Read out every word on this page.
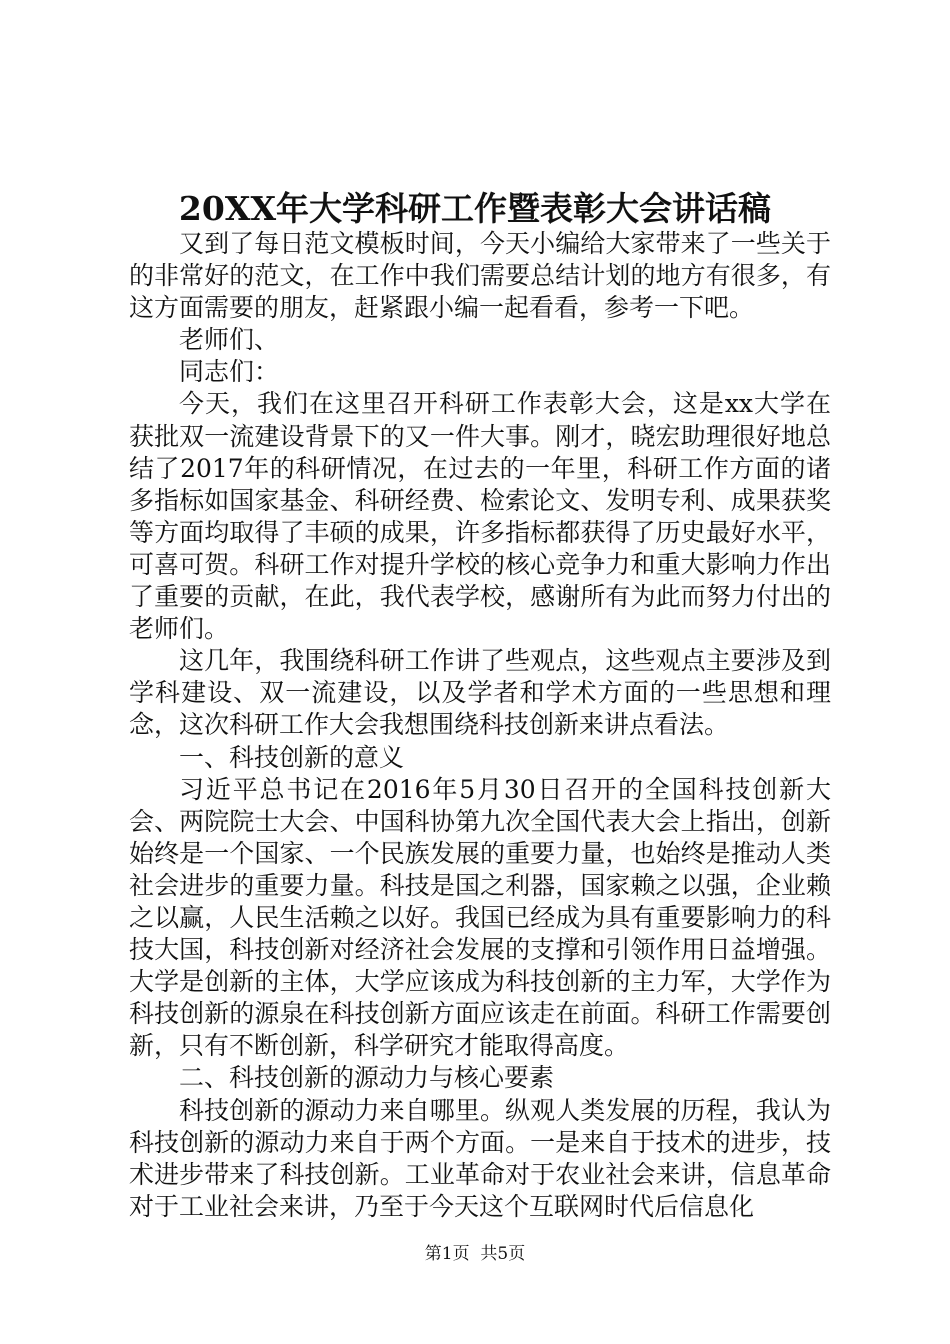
20XX年大学科研工作暨表彰大会讲话稿

又到了每日范文模板时间，今天小编给大家带来了一些关于的非常好的范文，在工作中我们需要总结计划的地方有很多，有这方面需要的朋友，赶紧跟小编一起看看，参考一下吧。

老师们、

同志们：

今天，我们在这里召开科研工作表彰大会，这是xx大学在获批双一流建设背景下的又一件大事。刚才，晓宏助理很好地总结了2017年的科研情况，在过去的一年里，科研工作方面的诸多指标如国家基金、科研经费、检索论文、发明专利、成果获奖等方面均取得了丰硕的成果，许多指标都获得了历史最好水平，可喜可贺。科研工作对提升学校的核心竞争力和重大影响力作出了重要的贡献，在此，我代表学校，感谢所有为此而努力付出的老师们。

这几年，我围绕科研工作讲了些观点，这些观点主要涉及到学科建设、双一流建设，以及学者和学术方面的一些思想和理念，这次科研工作大会我想围绕科技创新来讲点看法。

一、科技创新的意义

习近平总书记在2016年5月30日召开的全国科技创新大会、两院院士大会、中国科协第九次全国代表大会上指出，创新始终是一个国家、一个民族发展的重要力量，也始终是推动人类社会进步的重要力量。科技是国之利器，国家赖之以强，企业赖之以赢，人民生活赖之以好。我国已经成为具有重要影响力的科技大国，科技创新对经济社会发展的支撑和引领作用日益增强。大学是创新的主体，大学应该成为科技创新的主力军，大学作为科技创新的源泉在科技创新方面应该走在前面。科研工作需要创新，只有不断创新，科学研究才能取得高度。

二、科技创新的源动力与核心要素

科技创新的源动力来自哪里。纵观人类发展的历程，我认为科技创新的源动力来自于两个方面。一是来自于技术的进步，技术进步带来了科技创新。工业革命对于农业社会来讲，信息革命对于工业社会来讲，乃至于今天这个互联网时代后信息化

第1页 共5页
